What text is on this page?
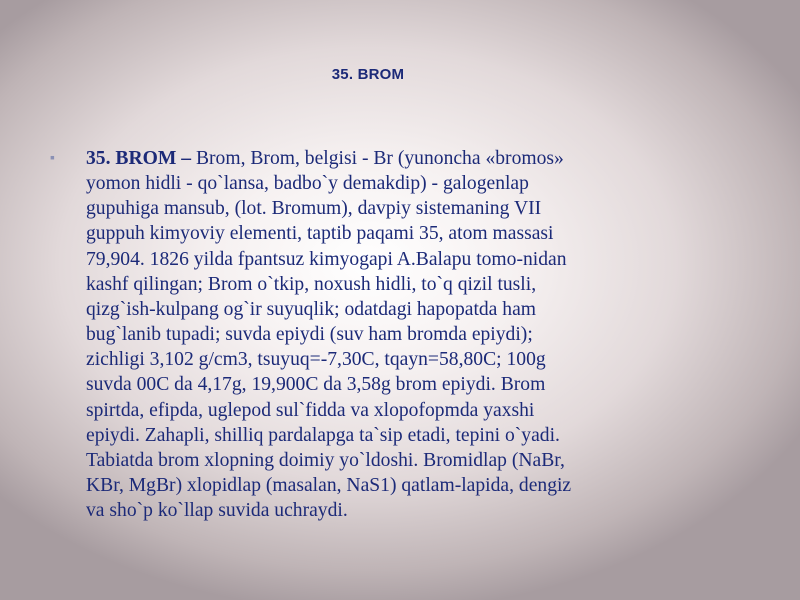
35. BROM
▪	35. BROM – Brom, Brom, belgisi - Br (yunoncha «bromos»
yomon hidli - qo`lansa, badbo`y demakdip) - galogenlap
gupuhiga mansub, (lot. Bromum), davpiy sistemaning VII
guppuh kimyoviy elementi, taptib paqami 35, atom massasi
79,904. 1826 yilda fpantsuz kimyogapi A.Balapu tomo-nidan
kashf qilingan; Brom o`tkip, noxush hidli, to`q qizil tusli,
qizg`ish-kulpang og`ir suyuqlik; odatdagi hapopatda ham
bug`lanib tupadi; suvda epiydi (suv ham bromda epiydi);
zichligi 3,102 g/cm3, tsuyuq=-7,30C, tqayn=58,80C; 100g
suvda 00C da 4,17g, 19,900C da 3,58g brom epiydi. Brom
spirtda, efipda, uglepod sul`fidda va xlopofopmda yaxshi
epiydi. Zahapli, shilliq pardalapga ta`sip etadi, tepini o`yadi.
Tabiatda brom xlopning doimiy yo`ldoshi. Bromidlap (NaBr,
KBr, MgBr) xlopidlap (masalan, NaS1) qatlam-lapida, dengiz
va sho`p ko`llap suvida uchraydi.
